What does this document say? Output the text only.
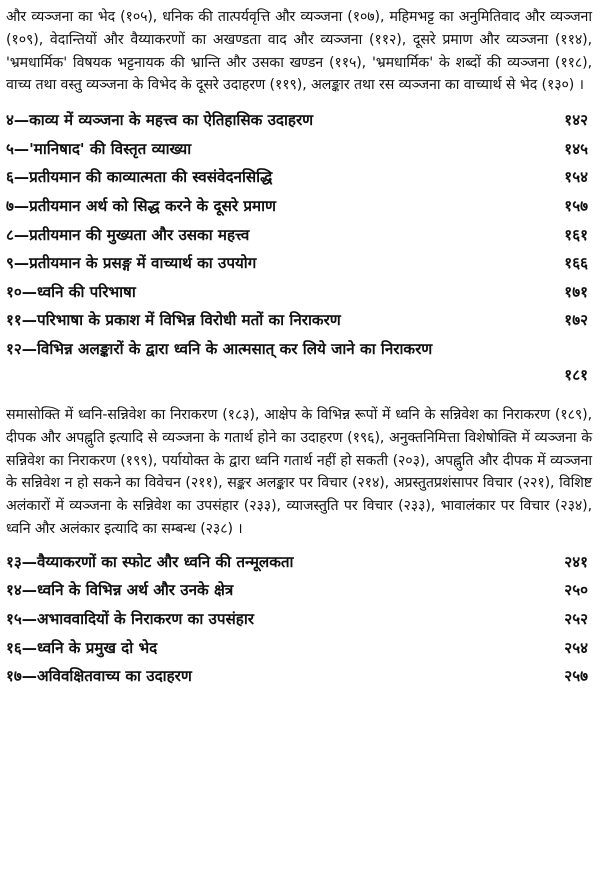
और व्यञ्जना का भेद (१०५), धनिक की तात्पर्यवृत्ति और व्यञ्जना (१०७), महिमभट्ट का अनुमितिवाद और व्यञ्जना (१०९), वेदान्तियों और वैय्याकरणों का अखण्डता वाद और व्यञ्जना (११२), दूसरे प्रमाण और व्यञ्जना (११४), 'भ्रमधार्मिक' विषयक भट्टनायक की भ्रान्ति और उसका खण्डन (११५), 'भ्रमधार्मिक' के शब्दों की व्यञ्जना (११८), वाच्य तथा वस्तु व्यञ्जना के विभेद के दूसरे उदाहरण (११९), अलङ्कार तथा रस व्यञ्जना का वाच्यार्थ से भेद (१३०) ।

४—काव्य में व्यञ्जना के महत्त्व का ऐतिहासिक उदाहरण	१४२
५—'मानिषाद' की विस्तृत व्याख्या	१४५
६—प्रतीयमान की काव्यात्मता की स्वसंवेदनसिद्धि	१५४
७—प्रतीयमान अर्थ को सिद्ध करने के दूसरे प्रमाण	१५७
८—प्रतीयमान की मुख्यता और उसका महत्त्व	१६१
९—प्रतीयमान के प्रसङ्ग में वाच्यार्थ का उपयोग	१६६
१०—ध्वनि की परिभाषा	१७१
११—परिभाषा के प्रकाश में विभिन्न विरोधी मतों का निराकरण	१७२
१२—विभिन्न अलङ्कारों के द्वारा ध्वनि के आत्मसात् कर लिये जाने का निराकरण
१८१

समासोक्ति में ध्वनि-सन्निवेश का निराकरण (१८३), आक्षेप के विभिन्न रूपों में ध्वनि के सन्निवेश का निराकरण (१८९), दीपक और अपह्नुति इत्यादि से व्यञ्जना के गतार्थ होने का उदाहरण (१९६), अनुक्तनिमित्ता विशेषोक्ति में व्यञ्जना के सन्निवेश का निराकरण (१९९), पर्यायोक्त के द्वारा ध्वनि गतार्थ नहीं हो सकती (२०३), अपह्नुति और दीपक में व्यञ्जना के सन्निवेश न हो सकने का विवेचन (२११), सङ्कर अलङ्कार पर विचार (२१४), अप्रस्तुतप्रशंसापर विचार (२२१), विशिष्ट अलंकारों में व्यञ्जना के सन्निवेश का उपसंहार (२३३), व्याजस्तुति पर विचार (२३३), भावालंकार पर विचार (२३४), ध्वनि और अलंकार इत्यादि का सम्बन्ध (२३८) ।

१३—वैय्याकरणों का स्फोट और ध्वनि की तन्मूलकता	२४१
१४—ध्वनि के विभिन्न अर्थ और उनके क्षेत्र	२५०
१५—अभाववादियों के निराकरण का उपसंहार	२५२
१६—ध्वनि के प्रमुख दो भेद	२५४
१७—अविवक्षितवाच्य का उदाहरण	२५७
